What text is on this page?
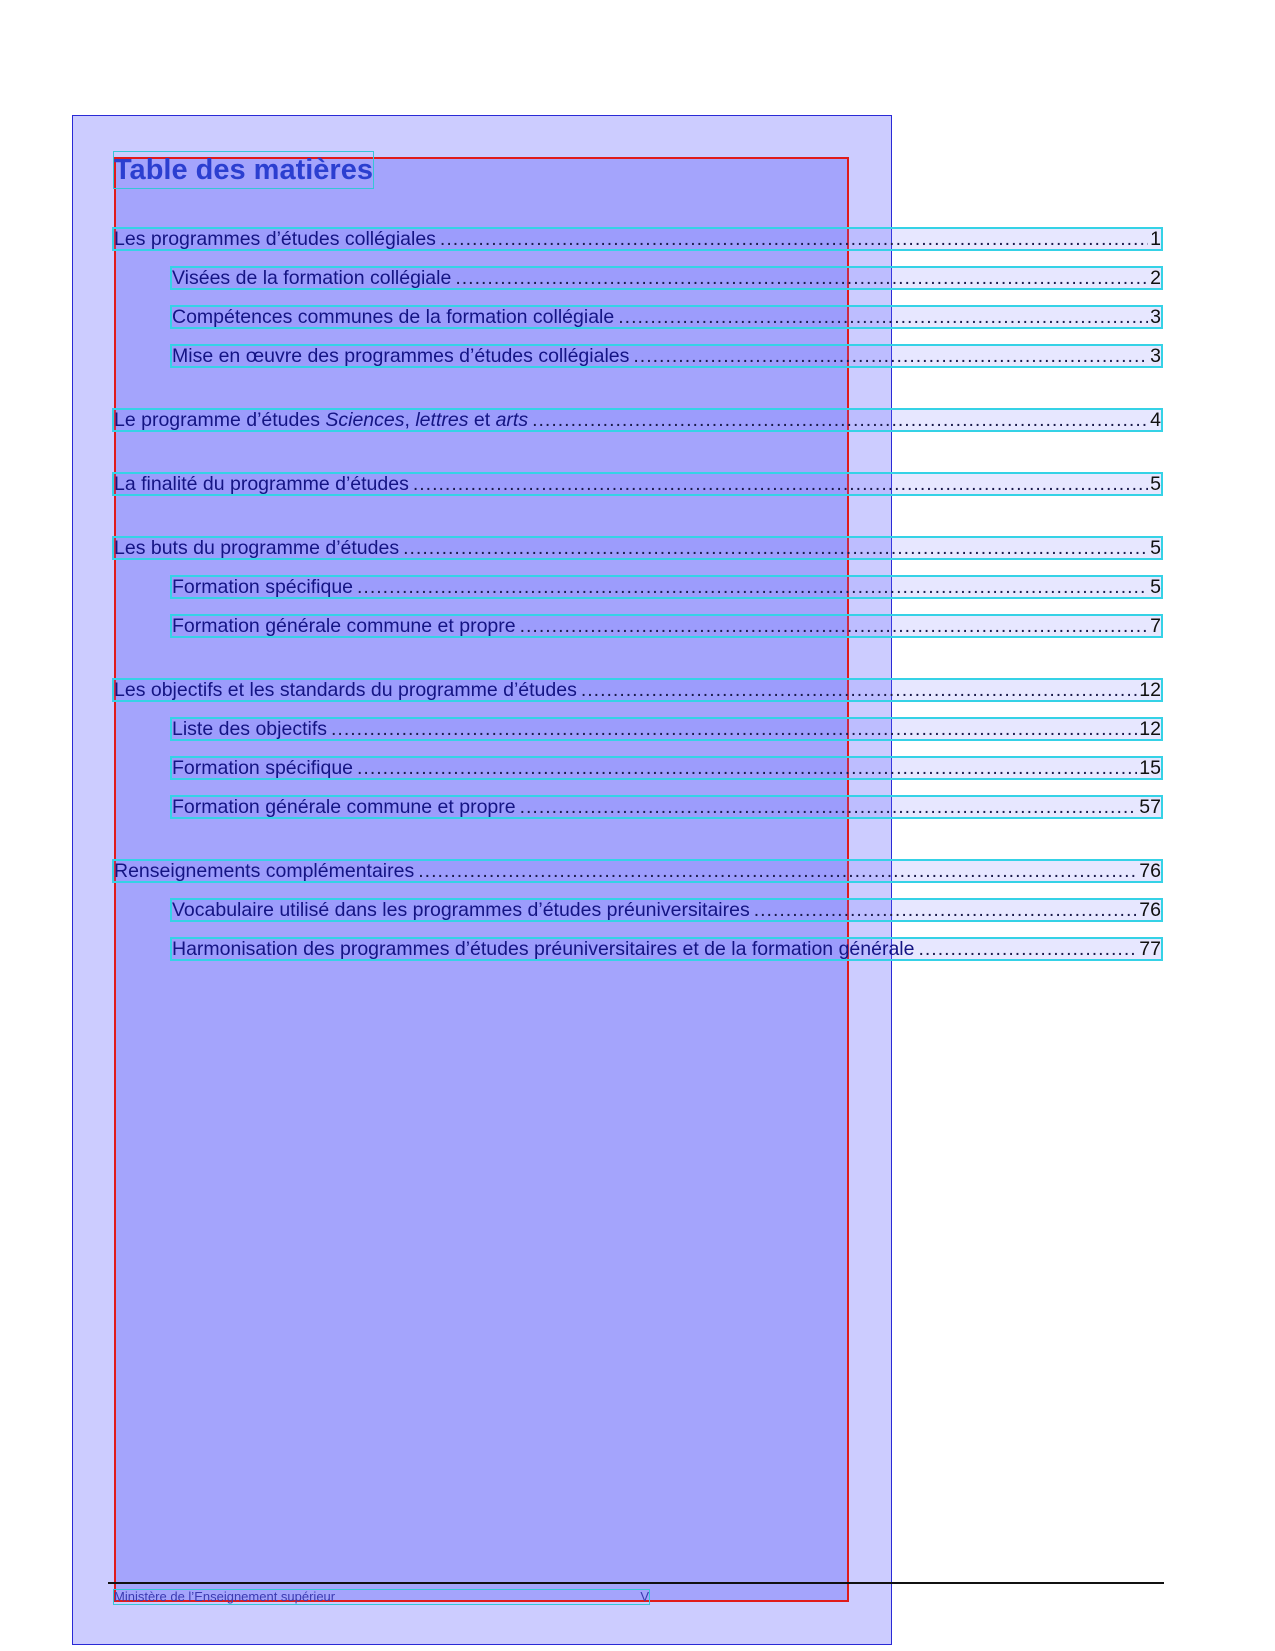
Table des matières
Les programmes d’études collégiales .....	1
Visées de la formation collégiale .....	2
Compétences communes de la formation collégiale .....	3
Mise en œuvre des programmes d’études collégiales .....	3
Le programme d’études Sciences, lettres et arts .....	4
La finalité du programme d’études .....	5
Les buts du programme d’études .....	5
Formation spécifique .....	5
Formation générale commune et propre .....	7
Les objectifs et les standards du programme d’études .....	12
Liste des objectifs .....	12
Formation spécifique .....	15
Formation générale commune et propre .....	57
Renseignements complémentaires .....	76
Vocabulaire utilisé dans les programmes d’études préuniversitaires .....	76
Harmonisation des programmes d’études préuniversitaires et de la formation générale .....	77
Ministère de l’Enseignement supérieur	V
